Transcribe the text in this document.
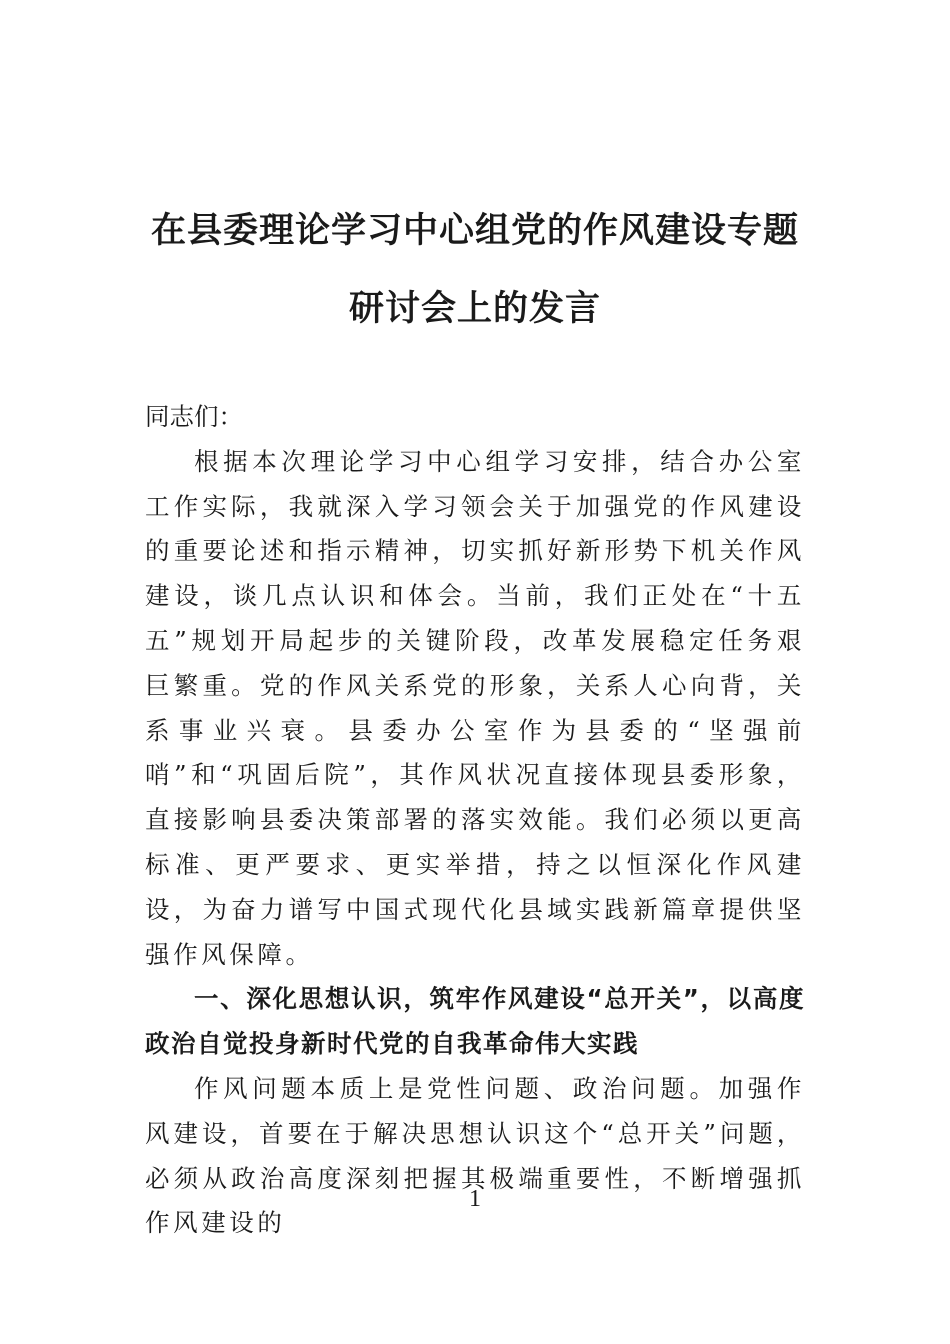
在县委理论学习中心组党的作风建设专题
研讨会上的发言

同志们：

根据本次理论学习中心组学习安排，结合办公室工作实际，我就深入学习领会关于加强党的作风建设的重要论述和指示精神，切实抓好新形势下机关作风建设，谈几点认识和体会。当前，我们正处在“十五五”规划开局起步的关键阶段，改革发展稳定任务艰巨繁重。党的作风关系党的形象，关系人心向背，关系事业兴衰。县委办公室作为县委的“坚强前哨”和“巩固后院”，其作风状况直接体现县委形象，直接影响县委决策部署的落实效能。我们必须以更高标准、更严要求、更实举措，持之以恒深化作风建设，为奋力谱写中国式现代化县域实践新篇章提供坚强作风保障。

一、深化思想认识，筑牢作风建设“总开关”，以高度政治自觉投身新时代党的自我革命伟大实践

作风问题本质上是党性问题、政治问题。加强作风建设，首要在于解决思想认识这个“总开关”问题，必须从政治高度深刻把握其极端重要性，不断增强抓作风建设的

1
